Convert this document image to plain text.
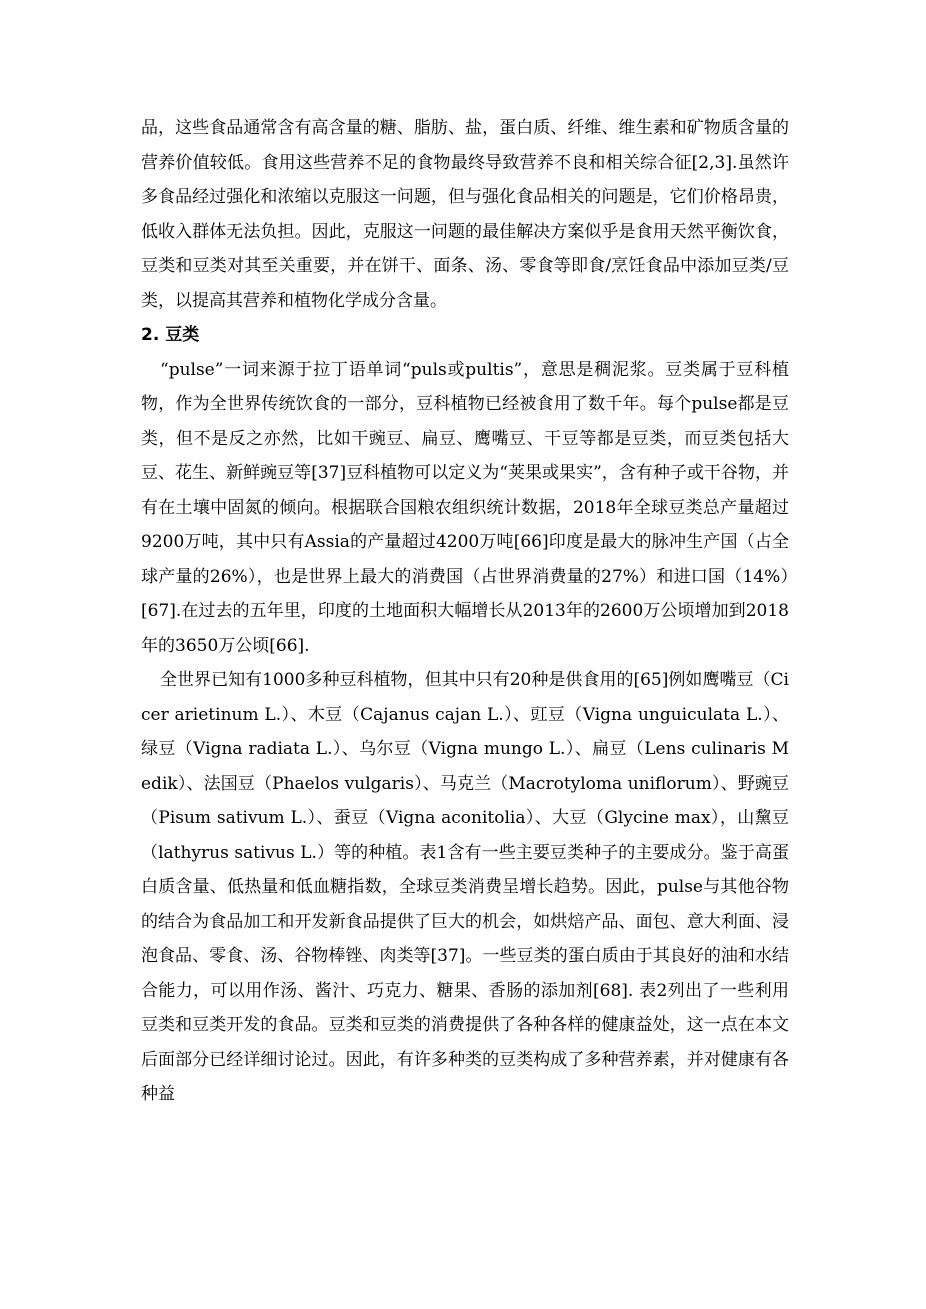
品，这些食品通常含有高含量的糖、脂肪、盐，蛋白质、纤维、维生素和矿物质含量的营养价值较低。食用这些营养不足的食物最终导致营养不良和相关综合征[2,3].虽然许多食品经过强化和浓缩以克服这一问题，但与强化食品相关的问题是，它们价格昂贵，低收入群体无法负担。因此，克服这一问题的最佳解决方案似乎是食用天然平衡饮食，豆类和豆类对其至关重要，并在饼干、面条、汤、零食等即食/烹饪食品中添加豆类/豆类，以提高其营养和植物化学成分含量。

2. 豆类

“pulse”一词来源于拉丁语单词“puls或pultis”，意思是稠泥浆。豆类属于豆科植物，作为全世界传统饮食的一部分，豆科植物已经被食用了数千年。每个pulse都是豆类，但不是反之亦然，比如干豌豆、扁豆、鹰嘴豆、干豆等都是豆类，而豆类包括大豆、花生、新鲜豌豆等[37]豆科植物可以定义为“荚果或果实”，含有种子或干谷物，并有在土壤中固氮的倾向。根据联合国粮农组织统计数据，2018年全球豆类总产量超过9200万吨，其中只有Assia的产量超过4200万吨[66]印度是最大的脉冲生产国（占全球产量的26%），也是世界上最大的消费国（占世界消费量的27%）和进口国（14%）[67].在过去的五年里，印度的土地面积大幅增长从2013年的2600万公顷增加到2018年的3650万公顷[66].

全世界已知有1000多种豆科植物，但其中只有20种是供食用的[65]例如鹰嘴豆（Cicer arietinum L.）、木豆（Cajanus cajan L.）、豇豆（Vigna unguiculata L.）、绿豆（Vigna radiata L.）、乌尔豆（Vigna mungo L.）、扁豆（Lens culinaris Medik）、法国豆（Phaelos vulgaris）、马克兰（Macrotyloma uniflorum）、野豌豆（Pisum sativum L.）、蚕豆（Vigna aconitolia）、大豆（Glycine max），山黧豆（lathyrus sativus L.）等的种植。表1含有一些主要豆类种子的主要成分。鉴于高蛋白质含量、低热量和低血糖指数，全球豆类消费呈增长趋势。因此，pulse与其他谷物的结合为食品加工和开发新食品提供了巨大的机会，如烘焙产品、面包、意大利面、浸泡食品、零食、汤、谷物棒锉、肉类等[37]。一些豆类的蛋白质由于其良好的油和水结合能力，可以用作汤、酱汁、巧克力、糖果、香肠的添加剂[68]. 表2列出了一些利用豆类和豆类开发的食品。豆类和豆类的消费提供了各种各样的健康益处，这一点在本文后面部分已经详细讨论过。因此，有许多种类的豆类构成了多种营养素，并对健康有各种益
